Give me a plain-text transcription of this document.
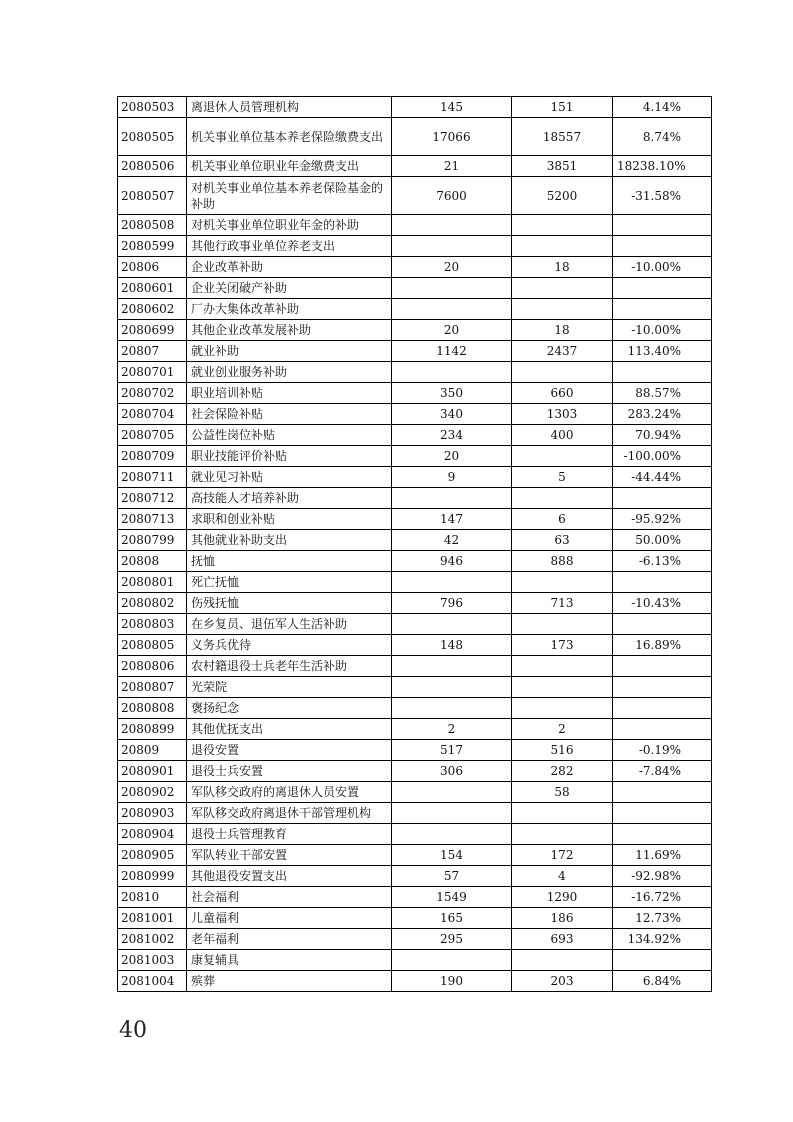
2080503	离退休人员管理机构	145	151	4.14%
2080505	机关事业单位基本养老保险缴费支出	17066	18557	8.74%
2080506	机关事业单位职业年金缴费支出	21	3851	18238.10%
2080507	对机关事业单位基本养老保险基金的补助	7600	5200	-31.58%
2080508	对机关事业单位职业年金的补助			
2080599	其他行政事业单位养老支出			
20806	企业改革补助	20	18	-10.00%
2080601	企业关闭破产补助			
2080602	厂办大集体改革补助			
2080699	其他企业改革发展补助	20	18	-10.00%
20807	就业补助	1142	2437	113.40%
2080701	就业创业服务补助			
2080702	职业培训补贴	350	660	88.57%
2080704	社会保险补贴	340	1303	283.24%
2080705	公益性岗位补贴	234	400	70.94%
2080709	职业技能评价补贴	20		-100.00%
2080711	就业见习补贴	9	5	-44.44%
2080712	高技能人才培养补助			
2080713	求职和创业补贴	147	6	-95.92%
2080799	其他就业补助支出	42	63	50.00%
20808	抚恤	946	888	-6.13%
2080801	死亡抚恤			
2080802	伤残抚恤	796	713	-10.43%
2080803	在乡复员、退伍军人生活补助			
2080805	义务兵优待	148	173	16.89%
2080806	农村籍退役士兵老年生活补助			
2080807	光荣院			
2080808	褒扬纪念			
2080899	其他优抚支出	2	2	
20809	退役安置	517	516	-0.19%
2080901	退役士兵安置	306	282	-7.84%
2080902	军队移交政府的离退休人员安置		58	
2080903	军队移交政府离退休干部管理机构			
2080904	退役士兵管理教育			
2080905	军队转业干部安置	154	172	11.69%
2080999	其他退役安置支出	57	4	-92.98%
20810	社会福利	1549	1290	-16.72%
2081001	儿童福利	165	186	12.73%
2081002	老年福利	295	693	134.92%
2081003	康复辅具			
2081004	殡葬	190	203	6.84%
40
